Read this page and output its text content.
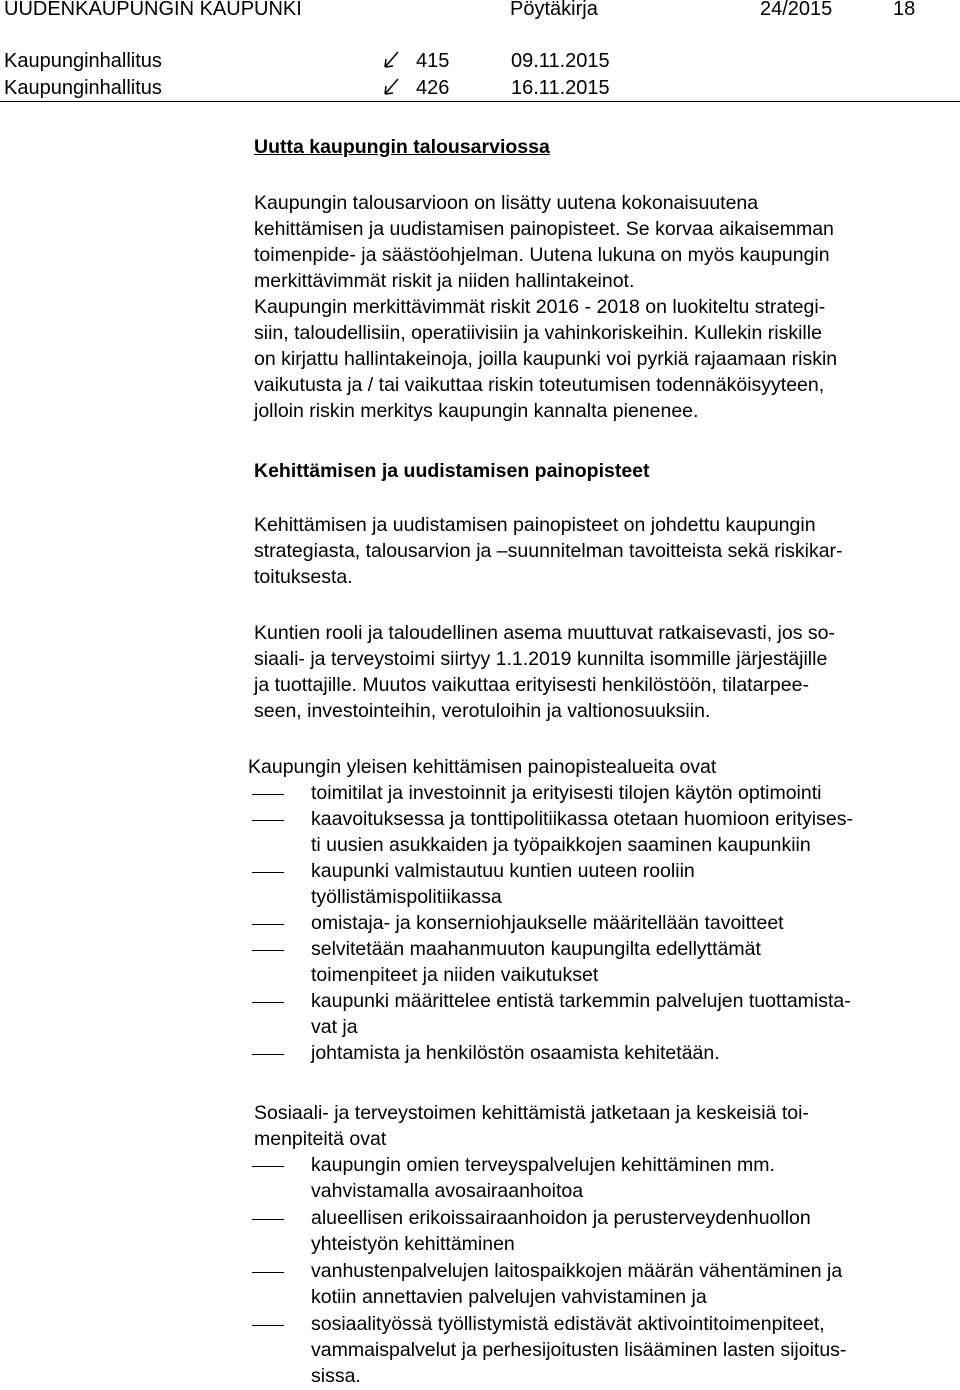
UUDENKAUPUNGIN KAUPUNKI	Pöytäkirja	24/2015	18
Kaupunginhallitus	415	09.11.2015
Kaupunginhallitus	426	16.11.2015
Uutta kaupungin talousarviossa
Kaupungin talousarvioon on lisätty uutena kokonaisuutena
kehittämisen ja uudistamisen painopisteet. Se korvaa aikaisemman
toimenpide- ja säästöohjelman. Uutena lukuna on myös kaupungin
merkittävimmät riskit ja niiden hallintakeinot.
Kaupungin merkittävimmät riskit 2016 - 2018 on luokiteltu strategi-
siin, taloudellisiin, operatiivisiin ja vahinkoriskeihin. Kullekin riskille
on kirjattu hallintakeinoja, joilla kaupunki voi pyrkiä rajaamaan riskin
vaikutusta ja / tai vaikuttaa riskin toteutumisen todennäköisyyteen,
jolloin riskin merkitys kaupungin kannalta pienenee.
Kehittämisen ja uudistamisen painopisteet
Kehittämisen ja uudistamisen painopisteet on johdettu kaupungin
strategiasta, talousarvion ja –suunnitelman tavoitteista sekä riskikar-
toituksesta.
Kuntien rooli ja taloudellinen asema muuttuvat ratkaisevasti, jos so-
siaali- ja terveystoimi siirtyy 1.1.2019 kunnilta isommille järjestäjille
ja tuottajille. Muutos vaikuttaa erityisesti henkilöstöön, tilatarpee-
seen, investointeihin, verotuloihin ja valtionosuuksiin.
Kaupungin yleisen kehittämisen painopistealueita ovat
toimitilat ja investoinnit ja erityisesti tilojen käytön optimointi
kaavoituksessa ja tonttipolitiikassa otetaan huomioon erityises-
ti uusien asukkaiden ja työpaikkojen saaminen kaupunkiin
kaupunki valmistautuu kuntien uuteen rooliin
työllistämispolitiikassa
omistaja- ja konserniohjaukselle määritellään tavoitteet
selvitetään maahanmuuton kaupungilta edellyttämät
toimenpiteet ja niiden vaikutukset
kaupunki määrittelee entistä tarkemmin palvelujen tuottamista-
vat ja
johtamista ja henkilöstön osaamista kehitetään.
Sosiaali- ja terveystoimen kehittämistä jatketaan ja keskeisiä toi-
menpiteitä ovat
kaupungin omien terveyspalvelujen kehittäminen mm.
vahvistamalla avosairaanhoitoa
alueellisen erikoissairaanhoidon ja perusterveydenhuollon
yhteistyön kehittäminen
vanhustenpalvelujen laitospaikkojen määrän vähentäminen ja
kotiin annettavien palvelujen vahvistaminen ja
sosiaalityössä työllistymistä edistävät aktivointitoimenpiteet,
vammaispalvelut ja perhesijoitusten lisääminen lasten sijoitus-
sissa.
